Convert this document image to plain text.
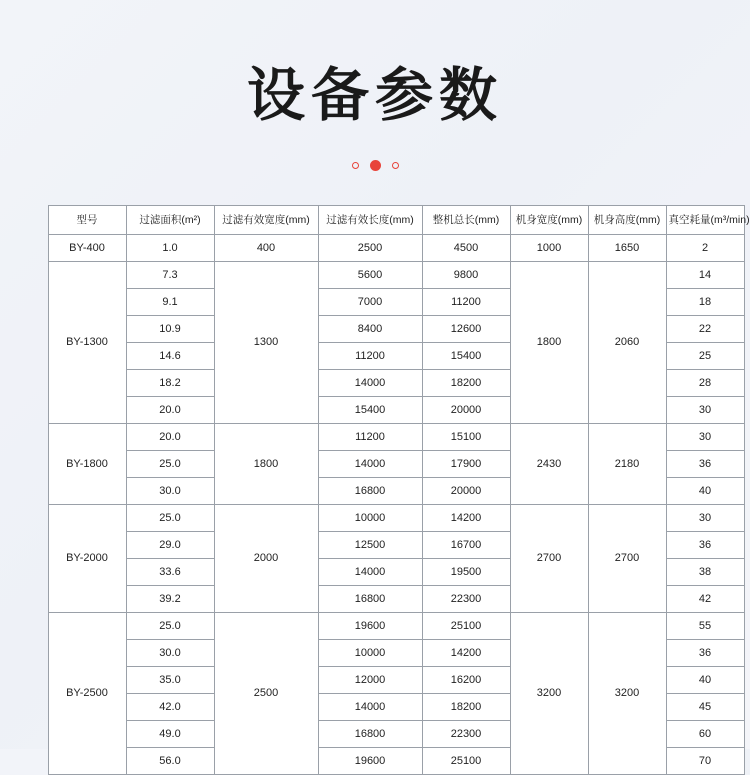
设备参数
型号	过滤面积(m²)	过滤有效宽度(mm)	过滤有效长度(mm)	整机总长(mm)	机身宽度(mm)	机身高度(mm)	真空耗量(m³/min)
BY-400	1.0	400	2500	4500	1000	1650	2
BY-1300	7.3	1300	5600	9800	1800	2060	14
	9.1		7000	11200			18
	10.9		8400	12600			22
	14.6		11200	15400			25
	18.2		14000	18200			28
	20.0		15400	20000			30
BY-1800	20.0	1800	11200	15100	2430	2180	30
	25.0		14000	17900			36
	30.0		16800	20000			40
BY-2000	25.0	2000	10000	14200	2700	2700	30
	29.0		12500	16700			36
	33.6		14000	19500			38
	39.2		16800	22300			42
BY-2500	25.0	2500	19600	25100	3200	3200	55
	30.0		10000	14200			36
	35.0		12000	16200			40
	42.0		14000	18200			45
	49.0		16800	22300			60
	56.0		19600	25100			70
